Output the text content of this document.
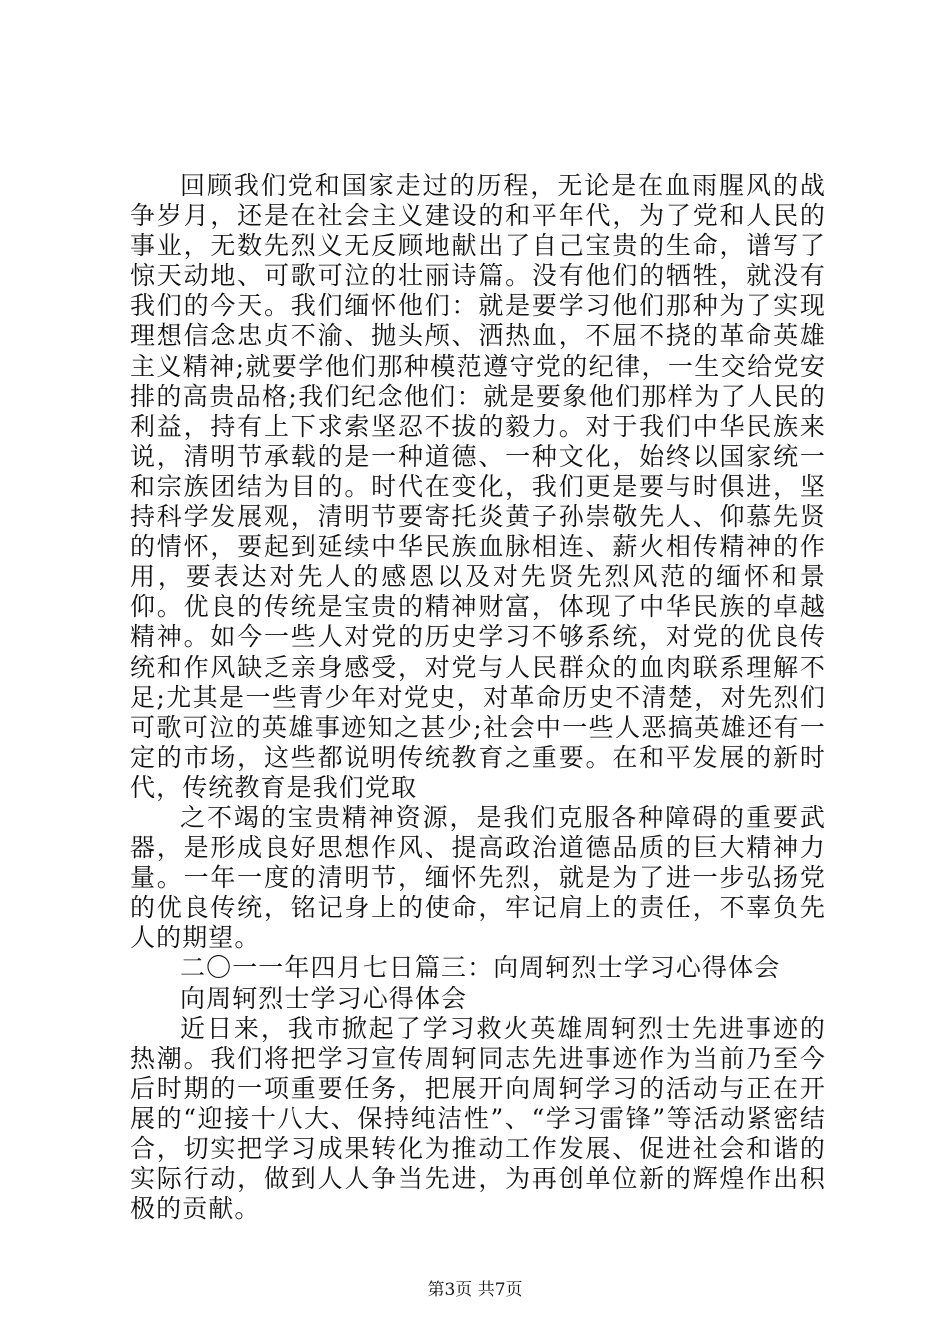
回顾我们党和国家走过的历程，无论是在血雨腥风的战争岁月，还是在社会主义建设的和平年代，为了党和人民的事业，无数先烈义无反顾地献出了自己宝贵的生命，谱写了惊天动地、可歌可泣的壮丽诗篇。没有他们的牺牲，就没有我们的今天。我们缅怀他们：就是要学习他们那种为了实现理想信念忠贞不渝、抛头颅、洒热血，不屈不挠的革命英雄主义精神;就要学他们那种模范遵守党的纪律，一生交给党安排的高贵品格;我们纪念他们：就是要象他们那样为了人民的利益，持有上下求索坚忍不拔的毅力。对于我们中华民族来说，清明节承载的是一种道德、一种文化，始终以国家统一和宗族团结为目的。时代在变化，我们更是要与时俱进，坚持科学发展观，清明节要寄托炎黄子孙崇敬先人、仰慕先贤的情怀，要起到延续中华民族血脉相连、薪火相传精神的作用，要表达对先人的感恩以及对先贤先烈风范的缅怀和景仰。优良的传统是宝贵的精神财富，体现了中华民族的卓越精神。如今一些人对党的历史学习不够系统，对党的优良传统和作风缺乏亲身感受，对党与人民群众的血肉联系理解不足;尤其是一些青少年对党史，对革命历史不清楚，对先烈们可歌可泣的英雄事迹知之甚少;社会中一些人恶搞英雄还有一定的市场，这些都说明传统教育之重要。在和平发展的新时代，传统教育是我们党取

之不竭的宝贵精神资源，是我们克服各种障碍的重要武器，是形成良好思想作风、提高政治道德品质的巨大精神力量。一年一度的清明节，缅怀先烈，就是为了进一步弘扬党的优良传统，铭记身上的使命，牢记肩上的责任，不辜负先人的期望。

二〇一一年四月七日篇三：向周轲烈士学习心得体会

向周轲烈士学习心得体会

近日来，我市掀起了学习救火英雄周轲烈士先进事迹的热潮。我们将把学习宣传周轲同志先进事迹作为当前乃至今后时期的一项重要任务，把展开向周轲学习的活动与正在开展的“迎接十八大、保持纯洁性”、“学习雷锋”等活动紧密结合，切实把学习成果转化为推动工作发展、促进社会和谐的实际行动，做到人人争当先进，为再创单位新的辉煌作出积极的贡献。

第3页 共7页
